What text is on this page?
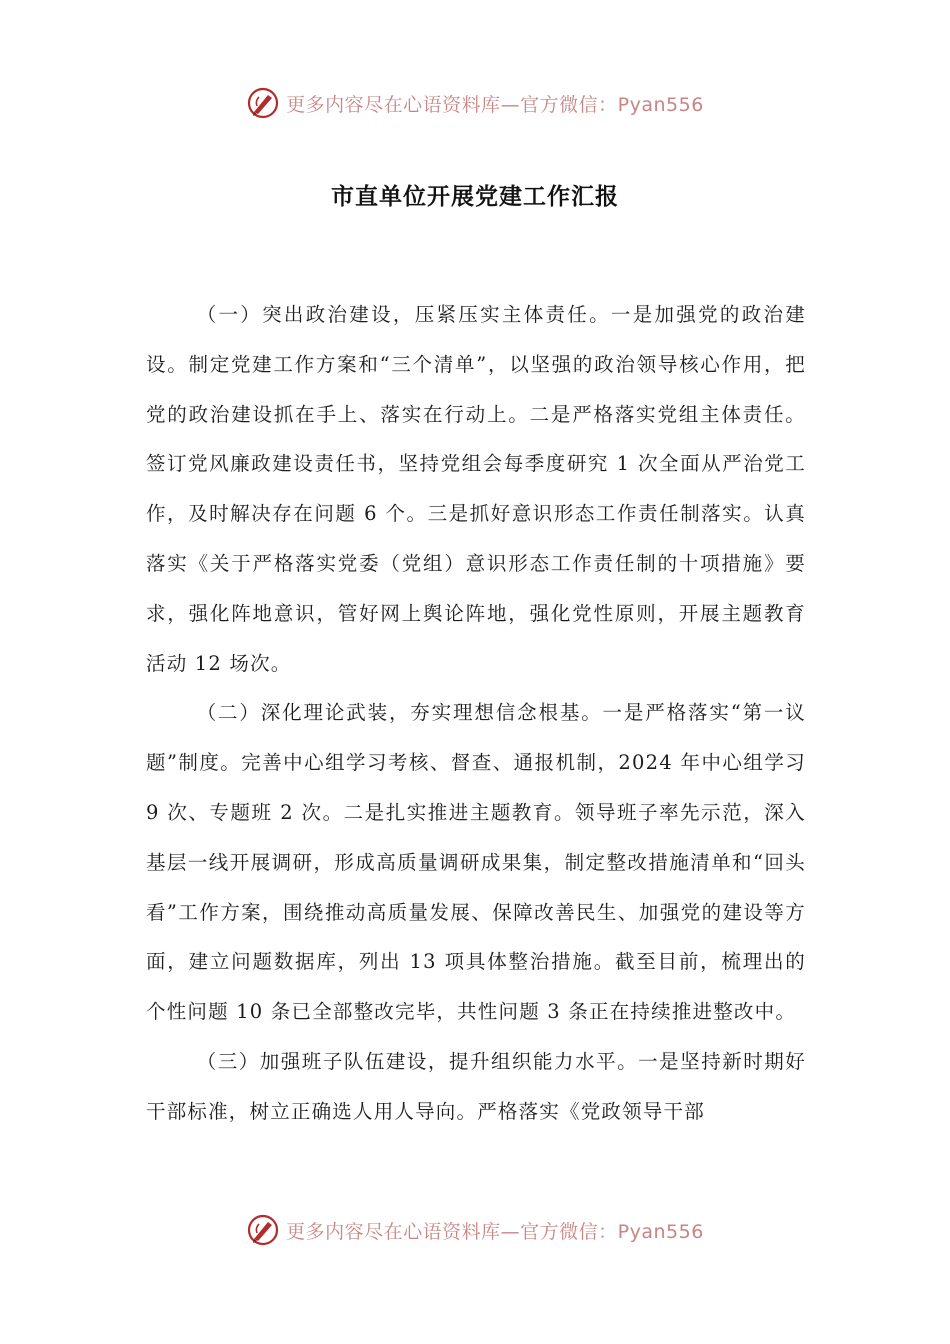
更多内容尽在心语资料库—官方微信：Pyan556
市直单位开展党建工作汇报

（一）突出政治建设，压紧压实主体责任。一是加强党的政治建设。制定党建工作方案和“三个清单”，以坚强的政治领导核心作用，把党的政治建设抓在手上、落实在行动上。二是严格落实党组主体责任。签订党风廉政建设责任书，坚持党组会每季度研究 1 次全面从严治党工作，及时解决存在问题 6 个。三是抓好意识形态工作责任制落实。认真落实《关于严格落实党委（党组）意识形态工作责任制的十项措施》要求，强化阵地意识，管好网上舆论阵地，强化党性原则，开展主题教育活动 12 场次。

（二）深化理论武装，夯实理想信念根基。一是严格落实“第一议题”制度。完善中心组学习考核、督查、通报机制，2024 年中心组学习 9 次、专题班 2 次。二是扎实推进主题教育。领导班子率先示范，深入基层一线开展调研，形成高质量调研成果集，制定整改措施清单和“回头看”工作方案，围绕推动高质量发展、保障改善民生、加强党的建设等方面，建立问题数据库，列出 13 项具体整治措施。截至目前，梳理出的个性问题 10 条已全部整改完毕，共性问题 3 条正在持续推进整改中。

（三）加强班子队伍建设，提升组织能力水平。一是坚持新时期好干部标准，树立正确选人用人导向。严格落实《党政领导干部

更多内容尽在心语资料库—官方微信：Pyan556
